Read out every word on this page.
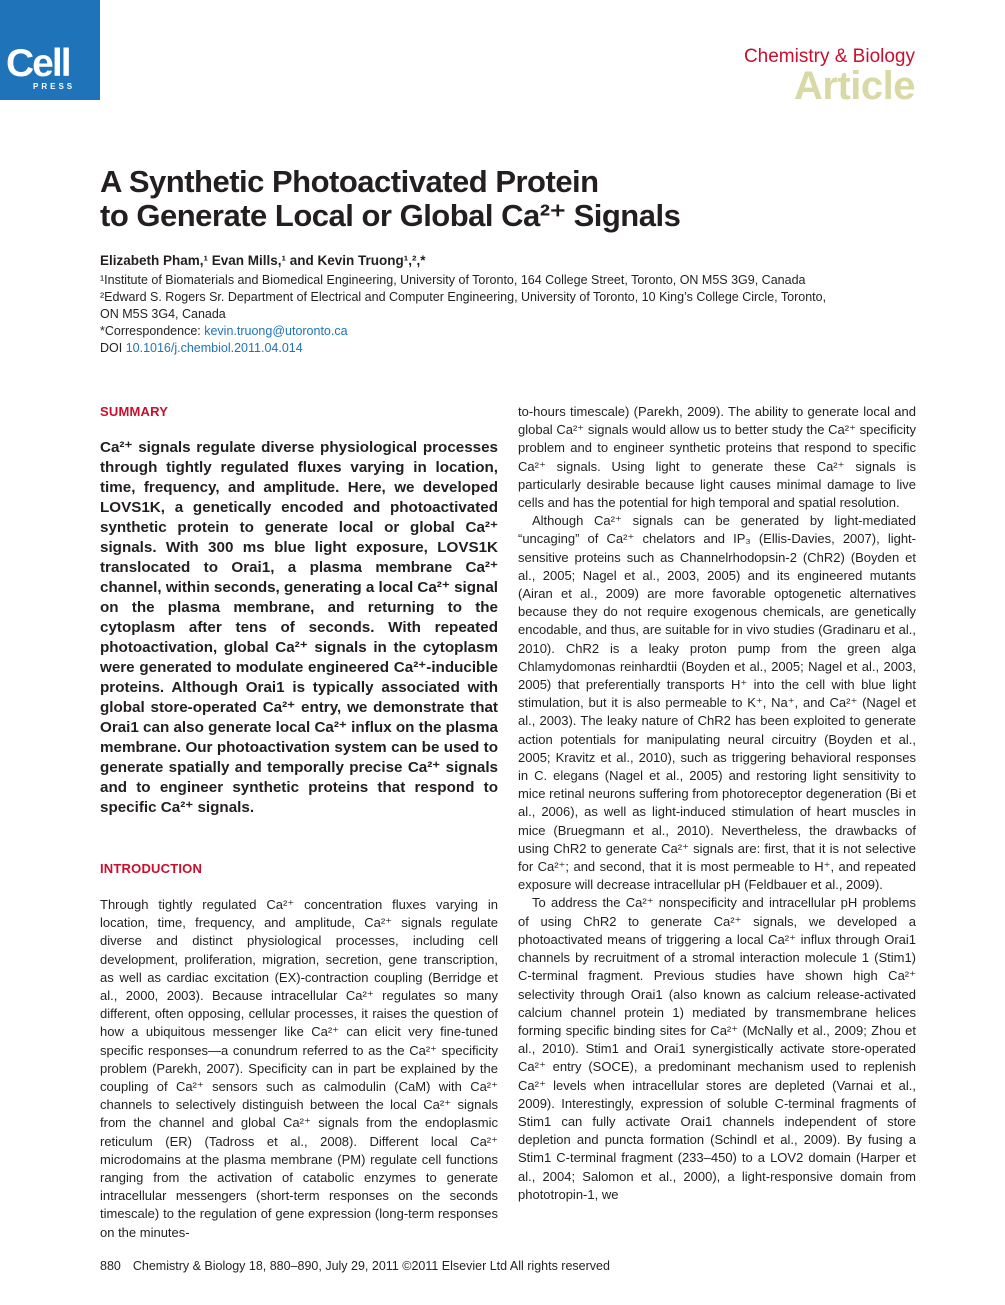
Cell
PRESS
Chemistry & Biology
Article

A Synthetic Photoactivated Protein

to Generate Local or Global Ca²⁺ Signals

Elizabeth Pham,¹ Evan Mills,¹ and Kevin Truong¹,²,*

¹Institute of Biomaterials and Biomedical Engineering, University of Toronto, 164 College Street, Toronto, ON M5S 3G9, Canada

²Edward S. Rogers Sr. Department of Electrical and Computer Engineering, University of Toronto, 10 King’s College Circle, Toronto,

ON M5S 3G4, Canada

*Correspondence: kevin.truong@utoronto.ca

DOI 10.1016/j.chembiol.2011.04.014

SUMMARY
Ca²⁺ signals regulate diverse physiological processes through tightly regulated fluxes varying in location, time, frequency, and amplitude. Here, we developed LOVS1K, a genetically encoded and photoactivated synthetic protein to generate local or global Ca²⁺ signals. With 300 ms blue light exposure, LOVS1K translocated to Orai1, a plasma membrane Ca²⁺ channel, within seconds, generating a local Ca²⁺ signal on the plasma membrane, and returning to the cytoplasm after tens of seconds. With repeated photoactivation, global Ca²⁺ signals in the cytoplasm were generated to modulate engineered Ca²⁺-inducible proteins. Although Orai1 is typically associated with global store-operated Ca²⁺ entry, we demonstrate that Orai1 can also generate local Ca²⁺ influx on the plasma membrane. Our photoactivation system can be used to generate spatially and temporally precise Ca²⁺ signals and to engineer synthetic proteins that respond to specific Ca²⁺ signals.
INTRODUCTION

Through tightly regulated Ca²⁺ concentration fluxes varying in location, time, frequency, and amplitude, Ca²⁺ signals regulate diverse and distinct physiological processes, including cell development, proliferation, migration, secretion, gene transcription, as well as cardiac excitation (EX)-contraction coupling (Berridge et al., 2000, 2003). Because intracellular Ca²⁺ regulates so many different, often opposing, cellular processes, it raises the question of how a ubiquitous messenger like Ca²⁺ can elicit very fine-tuned specific responses—a conundrum referred to as the Ca²⁺ specificity problem (Parekh, 2007). Specificity can in part be explained by the coupling of Ca²⁺ sensors such as calmodulin (CaM) with Ca²⁺ channels to selectively distinguish between the local Ca²⁺ signals from the channel and global Ca²⁺ signals from the endoplasmic reticulum (ER) (Tadross et al., 2008). Different local Ca²⁺ microdomains at the plasma membrane (PM) regulate cell functions ranging from the activation of catabolic enzymes to generate intracellular messengers (short-term responses on the seconds timescale) to the regulation of gene expression (long-term responses on the minutes-

to-hours timescale) (Parekh, 2009). The ability to generate local and global Ca²⁺ signals would allow us to better study the Ca²⁺ specificity problem and to engineer synthetic proteins that respond to specific Ca²⁺ signals. Using light to generate these Ca²⁺ signals is particularly desirable because light causes minimal damage to live cells and has the potential for high temporal and spatial resolution.

Although Ca²⁺ signals can be generated by light-mediated “uncaging” of Ca²⁺ chelators and IP₃ (Ellis-Davies, 2007), light-sensitive proteins such as Channelrhodopsin-2 (ChR2) (Boyden et al., 2005; Nagel et al., 2003, 2005) and its engineered mutants (Airan et al., 2009) are more favorable optogenetic alternatives because they do not require exogenous chemicals, are genetically encodable, and thus, are suitable for in vivo studies (Gradinaru et al., 2010). ChR2 is a leaky proton pump from the green alga Chlamydomonas reinhardtii (Boyden et al., 2005; Nagel et al., 2003, 2005) that preferentially transports H⁺ into the cell with blue light stimulation, but it is also permeable to K⁺, Na⁺, and Ca²⁺ (Nagel et al., 2003). The leaky nature of ChR2 has been exploited to generate action potentials for manipulating neural circuitry (Boyden et al., 2005; Kravitz et al., 2010), such as triggering behavioral responses in C. elegans (Nagel et al., 2005) and restoring light sensitivity to mice retinal neurons suffering from photoreceptor degeneration (Bi et al., 2006), as well as light-induced stimulation of heart muscles in mice (Bruegmann et al., 2010). Nevertheless, the drawbacks of using ChR2 to generate Ca²⁺ signals are: first, that it is not selective for Ca²⁺; and second, that it is most permeable to H⁺, and repeated exposure will decrease intracellular pH (Feldbauer et al., 2009).

To address the Ca²⁺ nonspecificity and intracellular pH problems of using ChR2 to generate Ca²⁺ signals, we developed a photoactivated means of triggering a local Ca²⁺ influx through Orai1 channels by recruitment of a stromal interaction molecule 1 (Stim1) C-terminal fragment. Previous studies have shown high Ca²⁺ selectivity through Orai1 (also known as calcium release-activated calcium channel protein 1) mediated by transmembrane helices forming specific binding sites for Ca²⁺ (McNally et al., 2009; Zhou et al., 2010). Stim1 and Orai1 synergistically activate store-operated Ca²⁺ entry (SOCE), a predominant mechanism used to replenish Ca²⁺ levels when intracellular stores are depleted (Varnai et al., 2009). Interestingly, expression of soluble C-terminal fragments of Stim1 can fully activate Orai1 channels independent of store depletion and puncta formation (Schindl et al., 2009). By fusing a Stim1 C-terminal fragment (233–450) to a LOV2 domain (Harper et al., 2004; Salomon et al., 2000), a light-responsive domain from phototropin-1, we

880 Chemistry & Biology 18, 880–890, July 29, 2011 ©2011 Elsevier Ltd All rights reserved
